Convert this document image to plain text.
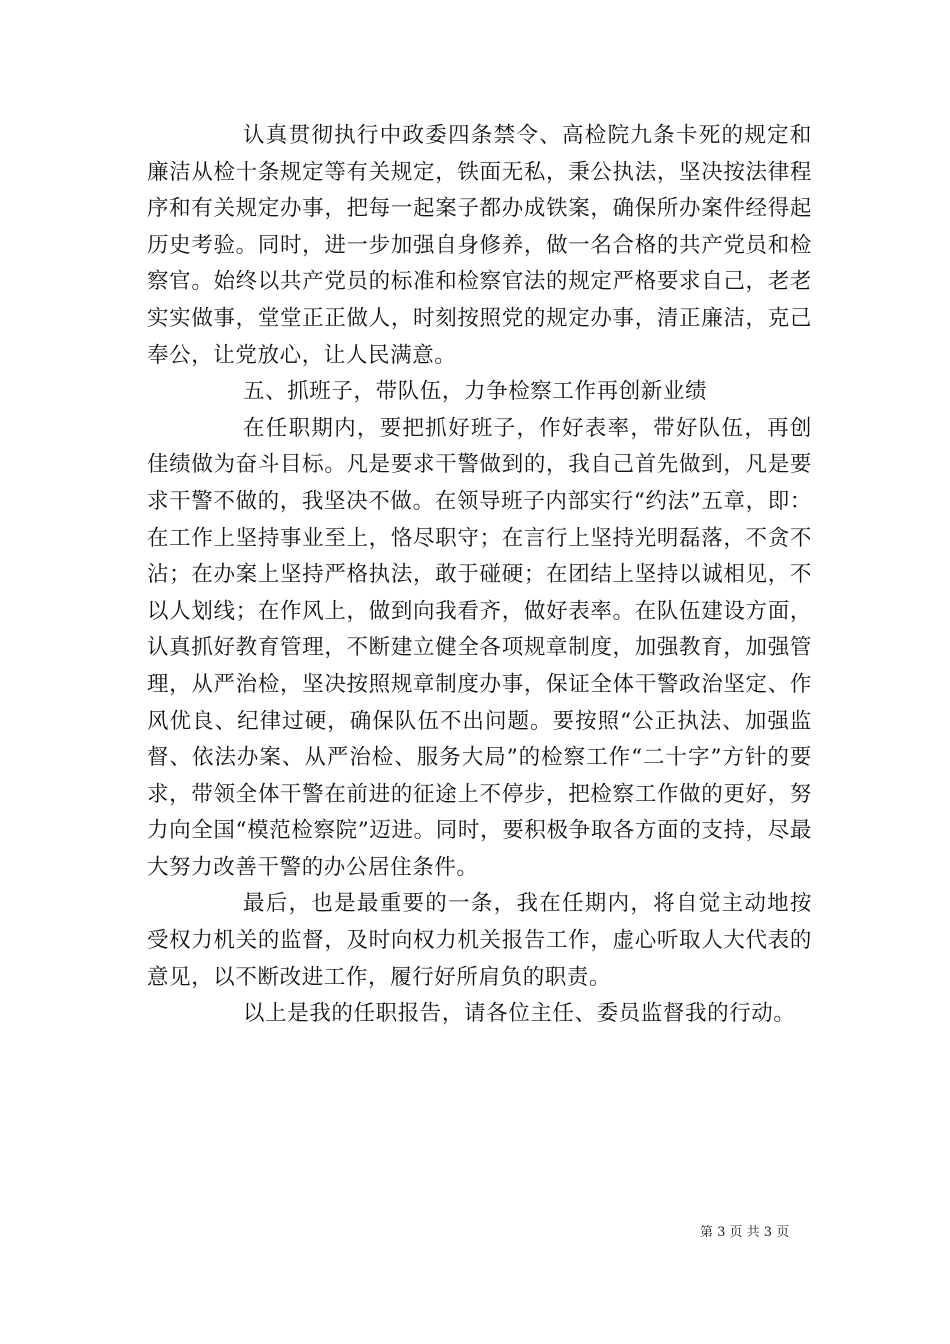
认真贯彻执行中政委四条禁令、高检院九条卡死的规定和廉洁从检十条规定等有关规定，铁面无私，秉公执法，坚决按法律程序和有关规定办事，把每一起案子都办成铁案，确保所办案件经得起历史考验。同时，进一步加强自身修养，做一名合格的共产党员和检察官。始终以共产党员的标准和检察官法的规定严格要求自己，老老实实做事，堂堂正正做人，时刻按照党的规定办事，清正廉洁，克己奉公，让党放心，让人民满意。

五、抓班子，带队伍，力争检察工作再创新业绩

在任职期内，要把抓好班子，作好表率，带好队伍，再创佳绩做为奋斗目标。凡是要求干警做到的，我自己首先做到，凡是要求干警不做的，我坚决不做。在领导班子内部实行“约法”五章，即：在工作上坚持事业至上，恪尽职守；在言行上坚持光明磊落，不贪不沾；在办案上坚持严格执法，敢于碰硬；在团结上坚持以诚相见，不以人划线；在作风上，做到向我看齐，做好表率。在队伍建设方面，认真抓好教育管理，不断建立健全各项规章制度，加强教育，加强管理，从严治检，坚决按照规章制度办事，保证全体干警政治坚定、作风优良、纪律过硬，确保队伍不出问题。要按照“公正执法、加强监督、依法办案、从严治检、服务大局”的检察工作“二十字”方针的要求，带领全体干警在前进的征途上不停步，把检察工作做的更好，努力向全国“模范检察院”迈进。同时，要积极争取各方面的支持，尽最大努力改善干警的办公居住条件。

最后，也是最重要的一条，我在任期内，将自觉主动地按受权力机关的监督，及时向权力机关报告工作，虚心听取人大代表的意见，以不断改进工作，履行好所肩负的职责。

以上是我的任职报告，请各位主任、委员监督我的行动。

第 3 页 共 3 页
